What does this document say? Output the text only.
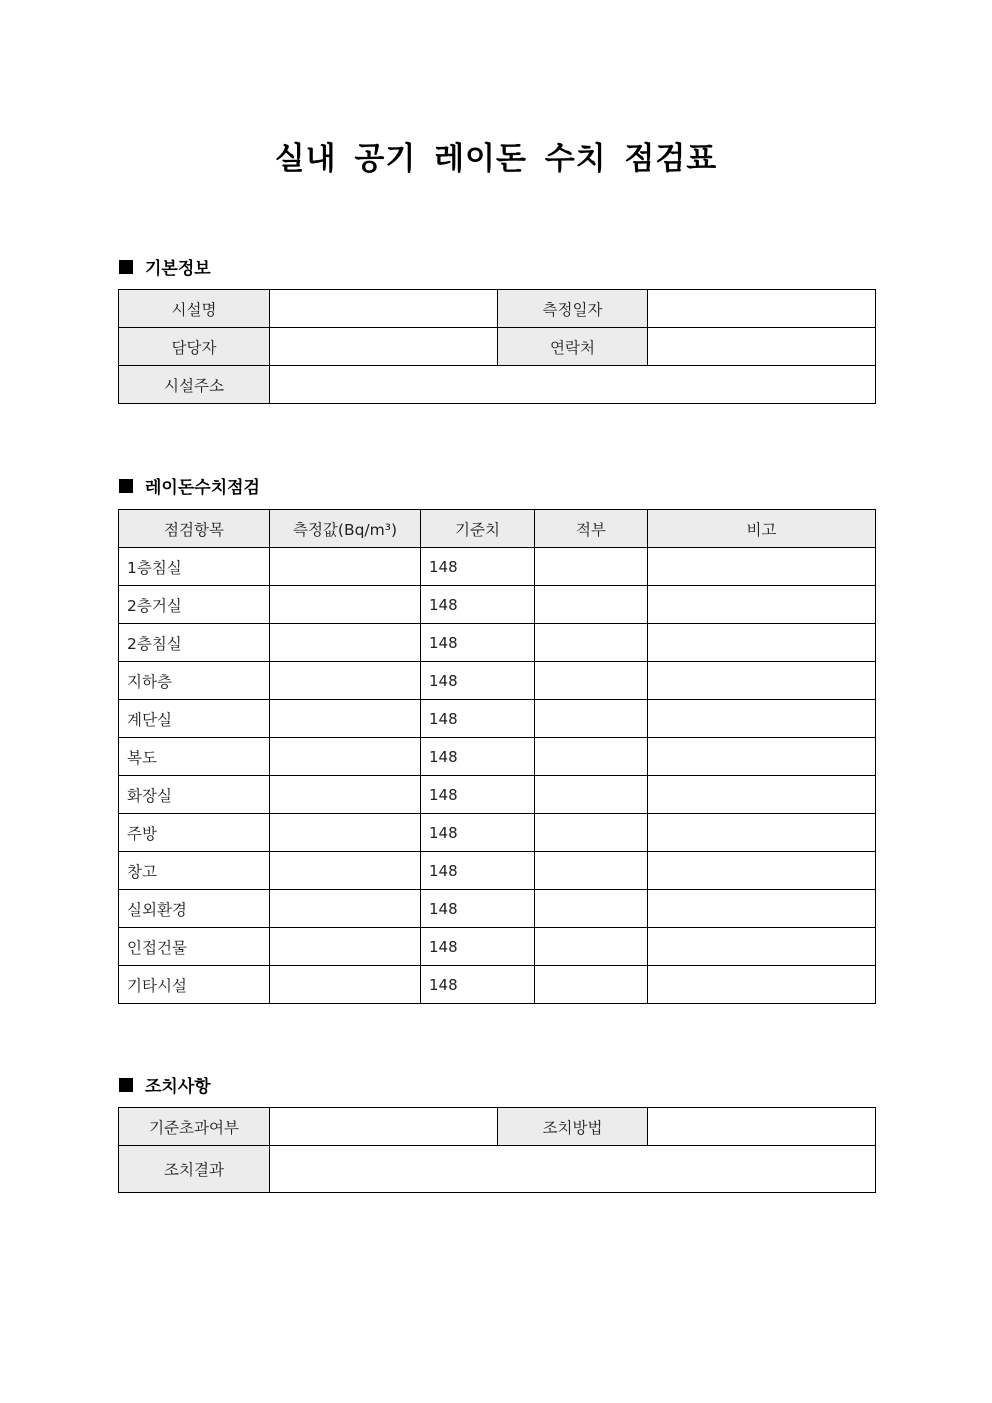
실내 공기 레이돈 수치 점검표
기본정보
시설명		측정일자	
담당자		연락처	
시설주소			
레이돈수치점검
점검항목	측정값(Bq/m³)	기준치	적부	비고
1층침실		148		
2층거실		148		
2층침실		148		
지하층		148		
계단실		148		
복도		148		
화장실		148		
주방		148		
창고		148		
실외환경		148		
인접건물		148		
기타시설		148		
조치사항
기준초과여부		조치방법	
조치결과			
